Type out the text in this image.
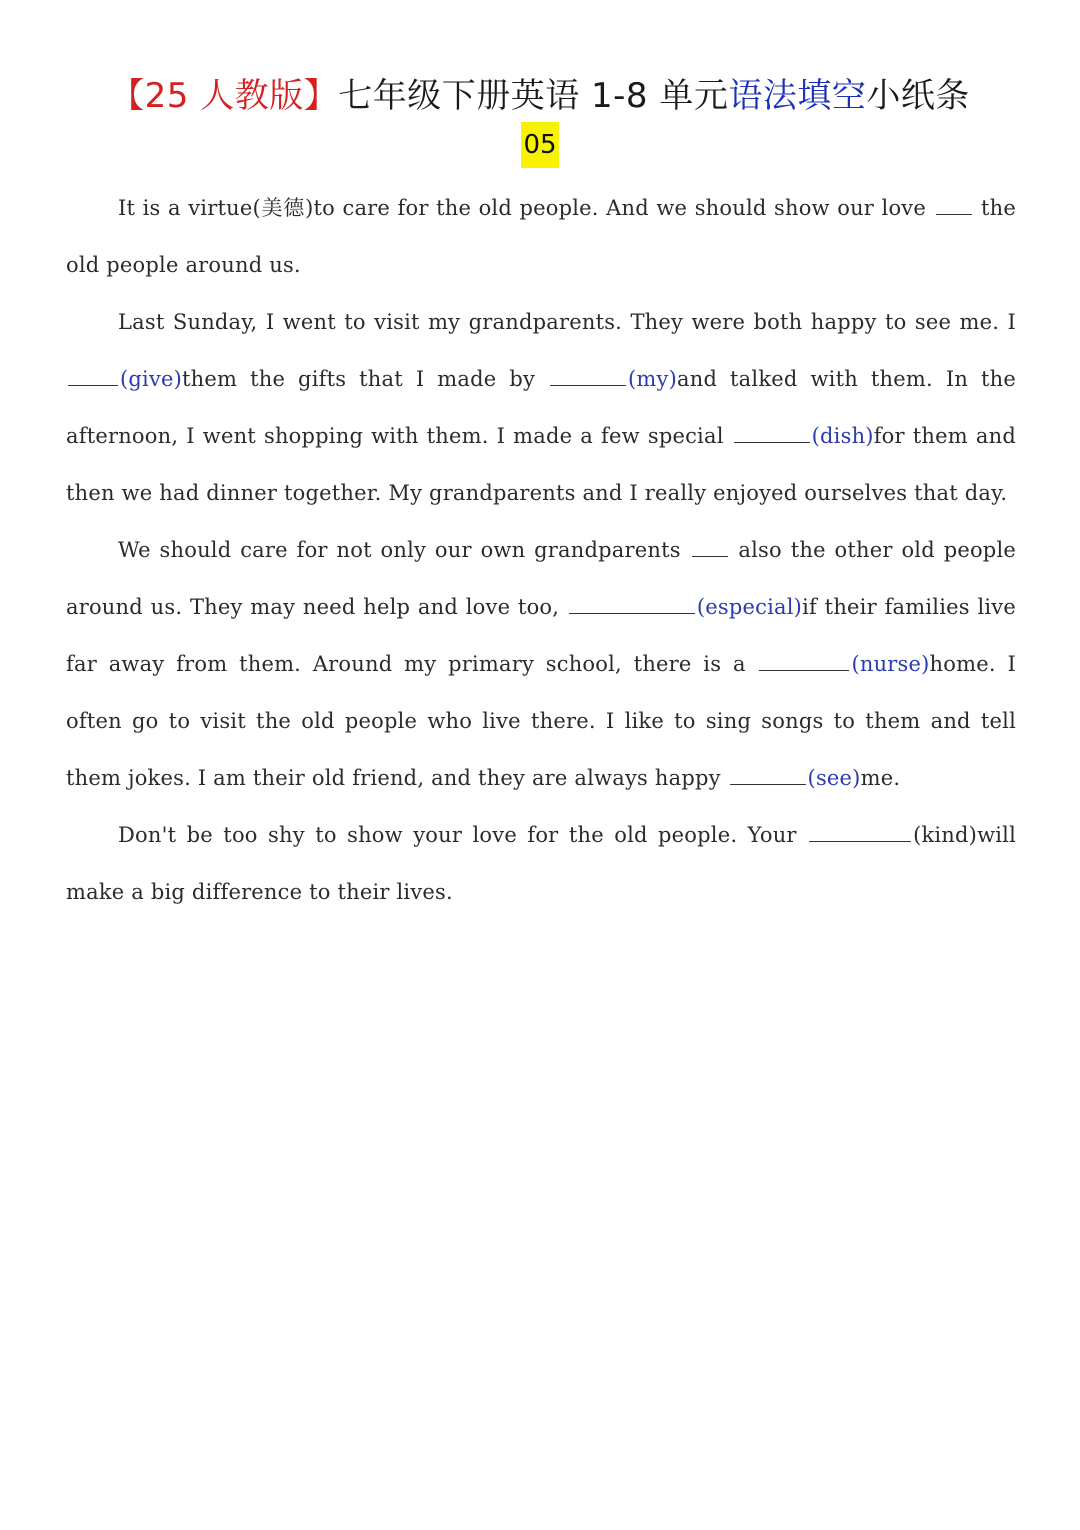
【25 人教版】七年级下册英语 1-8 单元语法填空小纸条
05

It is a virtue(美德)to care for the old people. And we should show our love  the old people around us.

Last Sunday, I went to visit my grandparents. They were both happy to see me. I (give)them the gifts that I made by	(my)and talked with them. In the afternoon, I went shopping with them. I made a few special	(dish)for them and then we had dinner together. My grandparents and I really enjoyed ourselves that day.

We should care for not only our own grandparents  also the other old people around us. They may need help and love too,	(especial)if their families live far away from them. Around my primary school, there is a	(nurse)home. I often go to visit the old people who live there. I like to sing songs to them and tell them jokes. I am their old friend, and they are always happy	(see)me.

Don't be too shy to show your love for the old people. Your	(kind)will make a big difference to their lives.
